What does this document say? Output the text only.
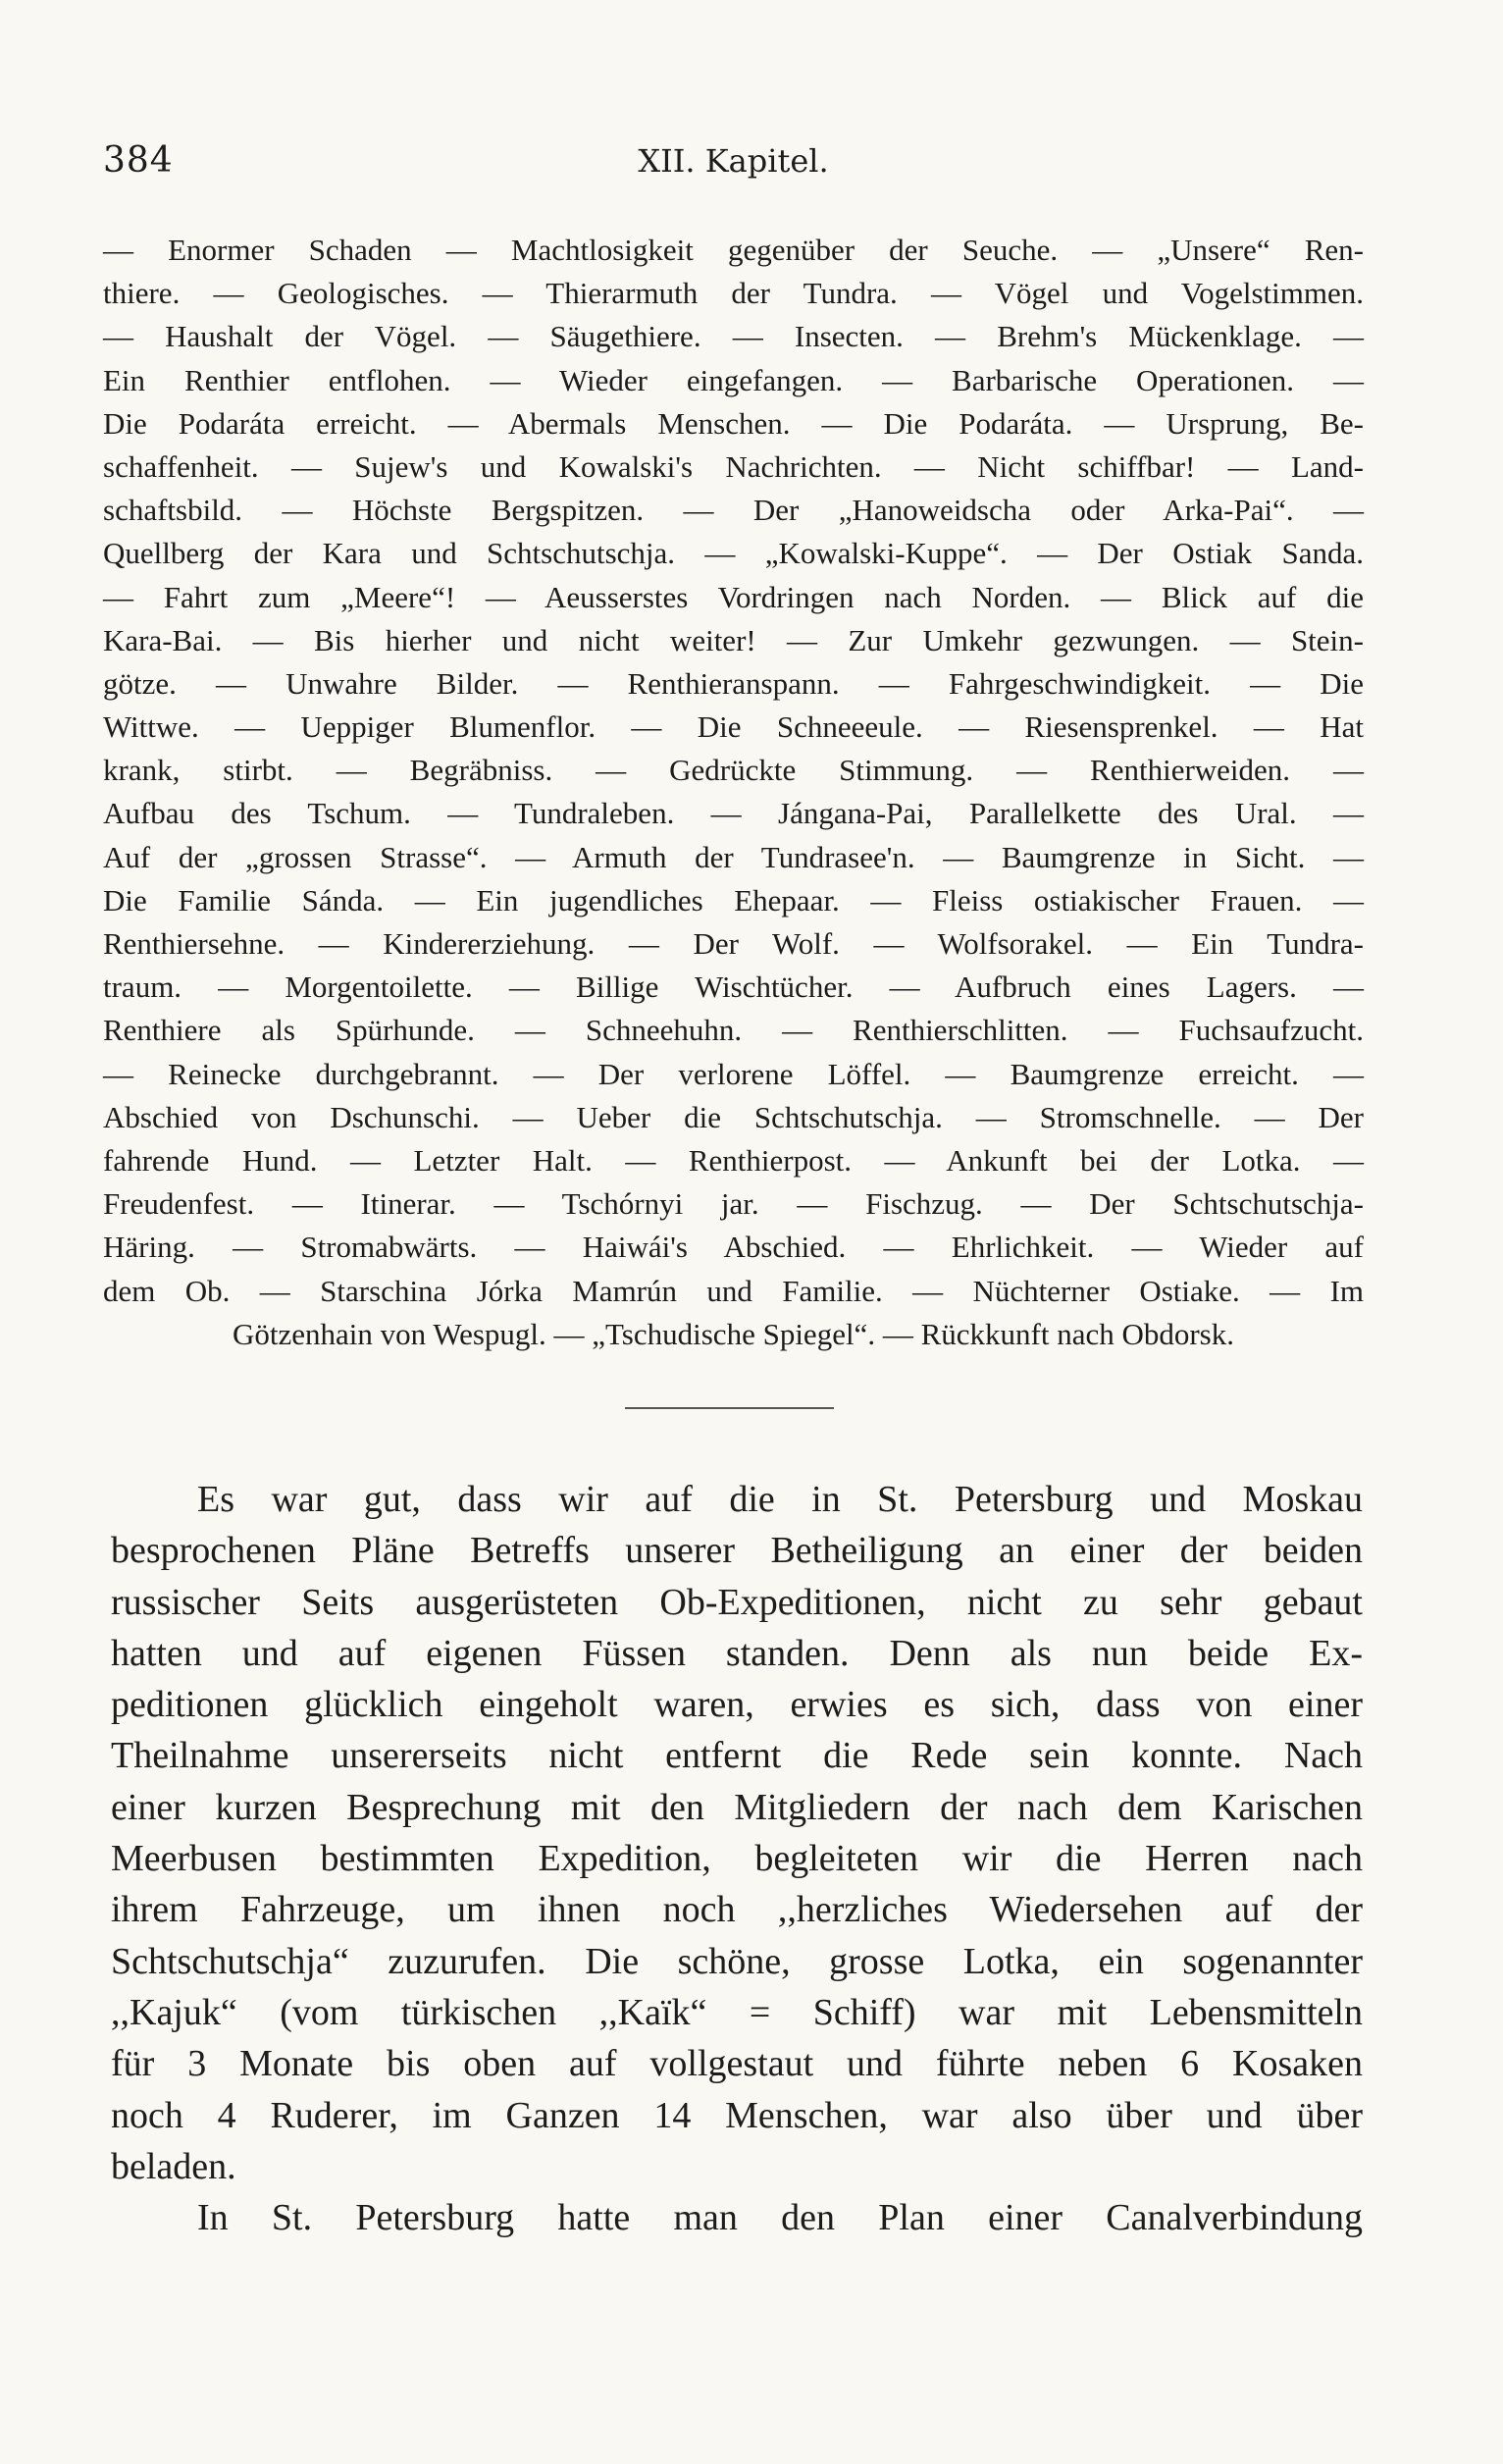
384	XII. Kapitel.
— Enormer Schaden — Machtlosigkeit gegenüber der Seuche. — „Unsere“ Ren-
thiere. — Geologisches. — Thierarmuth der Tundra. — Vögel und Vogelstimmen.
— Haushalt der Vögel. — Säugethiere. — Insecten. — Brehm's Mückenklage. —
Ein Renthier entflohen. — Wieder eingefangen. — Barbarische Operationen. —
Die Podaráta erreicht. — Abermals Menschen. — Die Podaráta. — Ursprung, Be-
schaffenheit. — Sujew's und Kowalski's Nachrichten. — Nicht schiffbar! — Land-
schaftsbild. — Höchste Bergspitzen. — Der „Hanoweidscha oder Arka-Pai“. —
Quellberg der Kara und Schtschutschja. — „Kowalski-Kuppe“. — Der Ostiak Sanda.
— Fahrt zum „Meere“! — Aeusserstes Vordringen nach Norden. — Blick auf die
Kara-Bai. — Bis hierher und nicht weiter! — Zur Umkehr gezwungen. — Stein-
götze. — Unwahre Bilder. — Renthieranspann. — Fahrgeschwindigkeit. — Die
Wittwe. — Ueppiger Blumenflor. — Die Schneeeule. — Riesensprenkel. — Hat
krank, stirbt. — Begräbniss. — Gedrückte Stimmung. — Renthierweiden. —
Aufbau des Tschum. — Tundraleben. — Jángana-Pai, Parallelkette des Ural. —
Auf der „grossen Strasse“. — Armuth der Tundrasee'n. — Baumgrenze in Sicht. —
Die Familie Sánda. — Ein jugendliches Ehepaar. — Fleiss ostiakischer Frauen. —
Renthiersehne. — Kindererziehung. — Der Wolf. — Wolfsorakel. — Ein Tundra-
traum. — Morgentoilette. — Billige Wischtücher. — Aufbruch eines Lagers. —
Renthiere als Spürhunde. — Schneehuhn. — Renthierschlitten. — Fuchsaufzucht.
— Reinecke durchgebrannt. — Der verlorene Löffel. — Baumgrenze erreicht. —
Abschied von Dschunschi. — Ueber die Schtschutschja. — Stromschnelle. — Der
fahrende Hund. — Letzter Halt. — Renthierpost. — Ankunft bei der Lotka. —
Freudenfest. — Itinerar. — Tschórnyi jar. — Fischzug. — Der Schtschutschja-
Häring. — Stromabwärts. — Haiwái's Abschied. — Ehrlichkeit. — Wieder auf
dem Ob. — Starschina Jórka Mamrún und Familie. — Nüchterner Ostiake. — Im
Götzenhain von Wespugl. — „Tschudische Spiegel“. — Rückkunft nach Obdorsk.
Es war gut, dass wir auf die in St. Petersburg und Moskau
besprochenen Pläne Betreffs unserer Betheiligung an einer der beiden
russischer Seits ausgerüsteten Ob-Expeditionen, nicht zu sehr gebaut
hatten und auf eigenen Füssen standen. Denn als nun beide Ex-
peditionen glücklich eingeholt waren, erwies es sich, dass von einer
Theilnahme unsererseits nicht entfernt die Rede sein konnte. Nach
einer kurzen Besprechung mit den Mitgliedern der nach dem Karischen
Meerbusen bestimmten Expedition, begleiteten wir die Herren nach
ihrem Fahrzeuge, um ihnen noch ,,herzliches Wiedersehen auf der
Schtschutschja“ zuzurufen. Die schöne, grosse Lotka, ein sogenannter
,,Kajuk“ (vom türkischen ,,Kaïk“ = Schiff) war mit Lebensmitteln
für 3 Monate bis oben auf vollgestaut und führte neben 6 Kosaken
noch 4 Ruderer, im Ganzen 14 Menschen, war also über und über
beladen.
In St. Petersburg hatte man den Plan einer Canalverbindung
